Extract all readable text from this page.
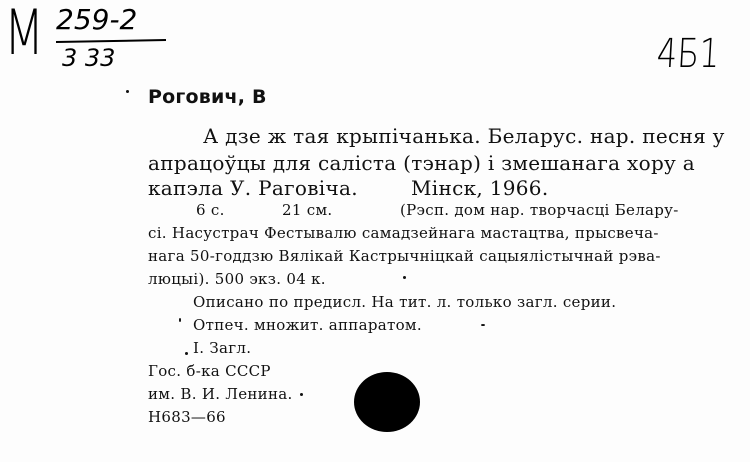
М 259-2
3 33	4Б1
Рогович, В
А дзе ж тая крыпічанька. Беларус. нар. песня у
апрацоўцы для саліста (тэнар) і змешанага хору а
капэла У. Раговіча.	Мінск, 1966.
6 с.	21 см.	(Рэсп. дом нар. творчасці Белару-
сі. Насустрач Фестывалю самадзейнага мастацтва, прысвеча-
нага 50-годдзю Вялікай Кастрычніцкай сацыялістычнай рэва-
люцыі). 500 экз. 04 к.
Описано по предисл. На тит. л. только загл. серии.
Отпеч. множит. аппаратом.
I. Загл.
Гос. б-ка СССР
им. В. И. Ленина.
Н683—66
